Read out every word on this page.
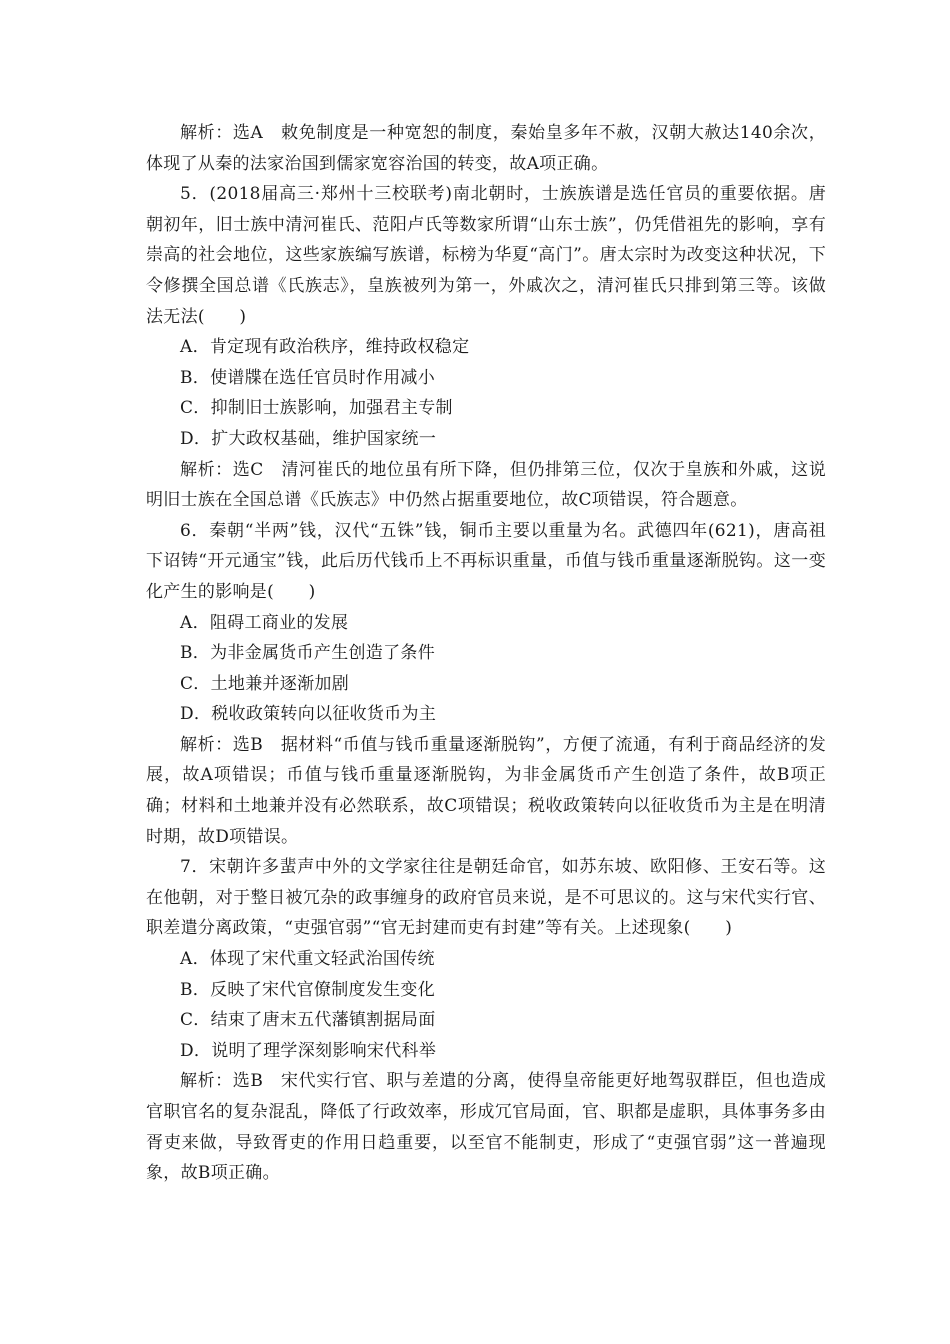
解析：选A　敕免制度是一种宽恕的制度，秦始皇多年不赦，汉朝大赦达140余次，体现了从秦的法家治国到儒家宽容治国的转变，故A项正确。

5．(2018届高三·郑州十三校联考)南北朝时，士族族谱是选任官员的重要依据。唐朝初年，旧士族中清河崔氏、范阳卢氏等数家所谓“山东士族”，仍凭借祖先的影响，享有崇高的社会地位，这些家族编写族谱，标榜为华夏“高门”。唐太宗时为改变这种状况，下令修撰全国总谱《氏族志》，皇族被列为第一，外戚次之，清河崔氏只排到第三等。该做法无法(　　)

A．肯定现有政治秩序，维持政权稳定

B．使谱牒在选任官员时作用减小

C．抑制旧士族影响，加强君主专制

D．扩大政权基础，维护国家统一

解析：选C　清河崔氏的地位虽有所下降，但仍排第三位，仅次于皇族和外戚，这说明旧士族在全国总谱《氏族志》中仍然占据重要地位，故C项错误，符合题意。

6．秦朝“半两”钱，汉代“五铢”钱，铜币主要以重量为名。武德四年(621)，唐高祖下诏铸“开元通宝”钱，此后历代钱币上不再标识重量，币值与钱币重量逐渐脱钩。这一变化产生的影响是(　　)

A．阻碍工商业的发展

B．为非金属货币产生创造了条件

C．土地兼并逐渐加剧

D．税收政策转向以征收货币为主

解析：选B　据材料“币值与钱币重量逐渐脱钩”，方便了流通，有利于商品经济的发展，故A项错误；币值与钱币重量逐渐脱钩，为非金属货币产生创造了条件，故B项正确；材料和土地兼并没有必然联系，故C项错误；税收政策转向以征收货币为主是在明清时期，故D项错误。

7．宋朝许多蜚声中外的文学家往往是朝廷命官，如苏东坡、欧阳修、王安石等。这在他朝，对于整日被冗杂的政事缠身的政府官员来说，是不可思议的。这与宋代实行官、职差遣分离政策，“吏强官弱”“官无封建而吏有封建”等有关。上述现象(　　)

A．体现了宋代重文轻武治国传统

B．反映了宋代官僚制度发生变化

C．结束了唐末五代藩镇割据局面

D．说明了理学深刻影响宋代科举

解析：选B　宋代实行官、职与差遣的分离，使得皇帝能更好地驾驭群臣，但也造成官职官名的复杂混乱，降低了行政效率，形成冗官局面，官、职都是虚职，具体事务多由胥吏来做，导致胥吏的作用日趋重要，以至官不能制吏，形成了“吏强官弱”这一普遍现象，故B项正确。
